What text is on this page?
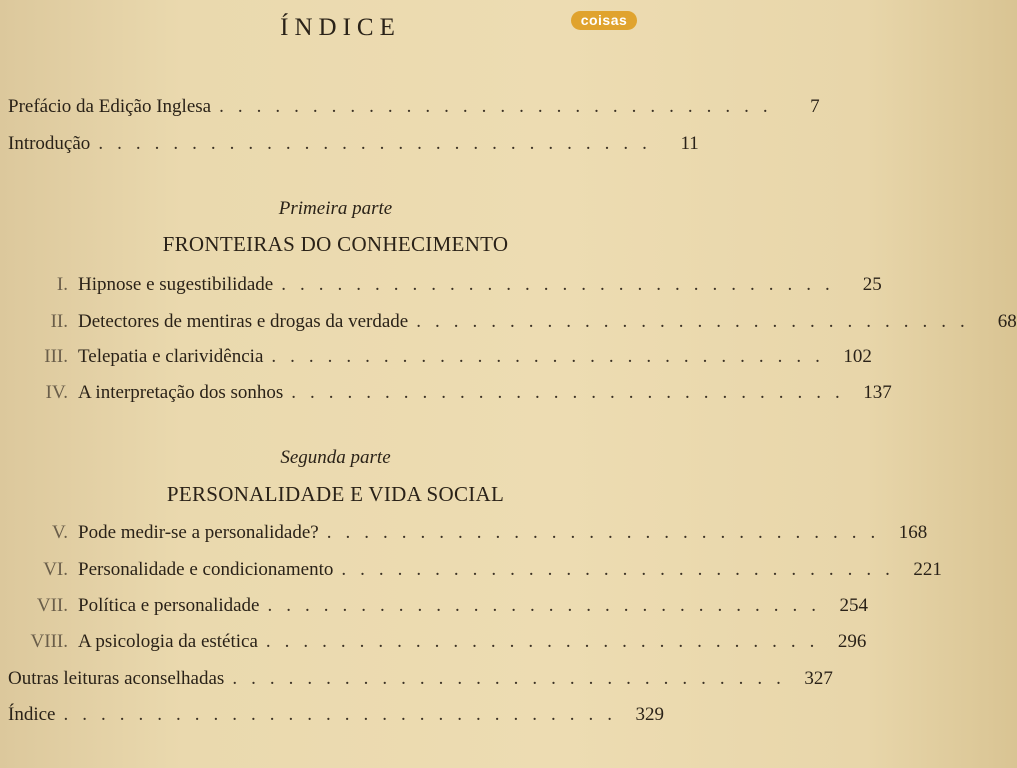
coisas
ÍNDICE
Prefácio da Edição Inglesa ..............................	7
Introdução ..............................	11
Primeira parte
FRONTEIRAS DO CONHECIMENTO
I. Hipnose e sugestibilidade ..............................	25
II. Detectores de mentiras e drogas da verdade ..............................	68
III. Telepatia e clarividência .............................. 102
IV. A interpretação dos sonhos .............................. 137
Segunda parte
PERSONALIDADE E VIDA SOCIAL
V. Pode medir-se a personalidade? .............................. 168
VI. Personalidade e condicionamento .............................. 221
VII. Política e personalidade .............................. 254
VIII. A psicologia da estética .............................. 296
Outras leituras aconselhadas .............................. 327
Índice .............................. 329
